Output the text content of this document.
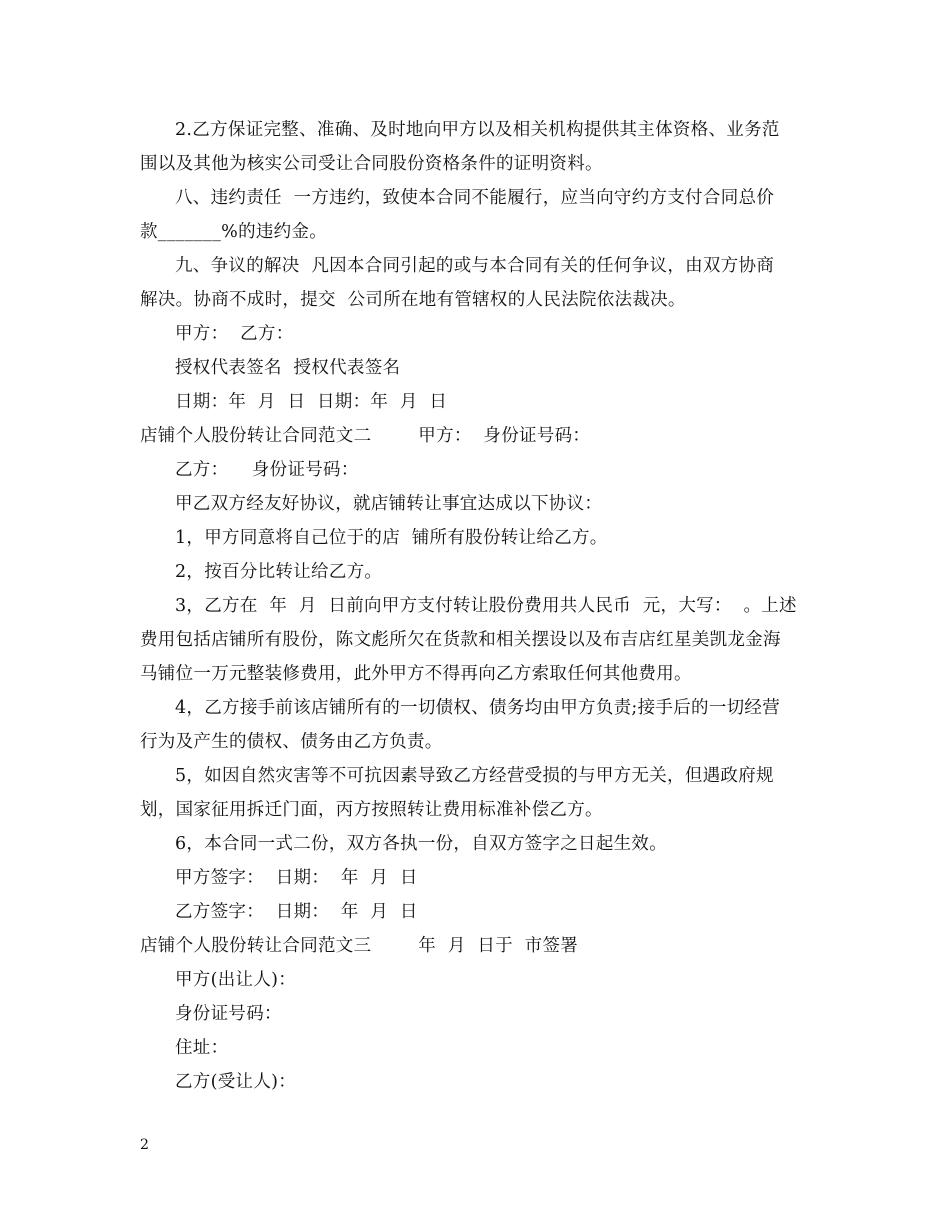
2.乙方保证完整、准确、及时地向甲方以及相关机构提供其主体资格、业务范
围以及其他为核实公司受让合同股份资格条件的证明资料。
八、违约责任  一方违约，致使本合同不能履行，应当向守约方支付合同总价
款_______%的违约金。
九、争议的解决  凡因本合同引起的或与本合同有关的任何争议，由双方协商
解决。协商不成时，提交  公司所在地有管辖权的人民法院依法裁决。
甲方：  乙方：
授权代表签名  授权代表签名
日期：年  月  日  日期：年  月  日
店铺个人股份转让合同范文二        甲方：  身份证号码：
乙方：    身份证号码：
甲乙双方经友好协议，就店铺转让事宜达成以下协议：
1，甲方同意将自己位于的店  铺所有股份转让给乙方。
2，按百分比转让给乙方。
3，乙方在  年  月  日前向甲方支付转让股份费用共人民币  元，大写：  。上述
费用包括店铺所有股份，陈文彪所欠在货款和相关摆设以及布吉店红星美凯龙金海
马铺位一万元整装修费用，此外甲方不得再向乙方索取任何其他费用。
4，乙方接手前该店铺所有的一切债权、债务均由甲方负责;接手后的一切经营
行为及产生的债权、债务由乙方负责。
5，如因自然灾害等不可抗因素导致乙方经营受损的与甲方无关，但遇政府规
划，国家征用拆迁门面，丙方按照转让费用标准补偿乙方。
6，本合同一式二份，双方各执一份，自双方签字之日起生效。
甲方签字：  日期：  年  月  日
乙方签字：  日期：  年  月  日
店铺个人股份转让合同范文三        年  月  日于  市签署
甲方(出让人)：
身份证号码：
住址：
乙方(受让人)：
2
